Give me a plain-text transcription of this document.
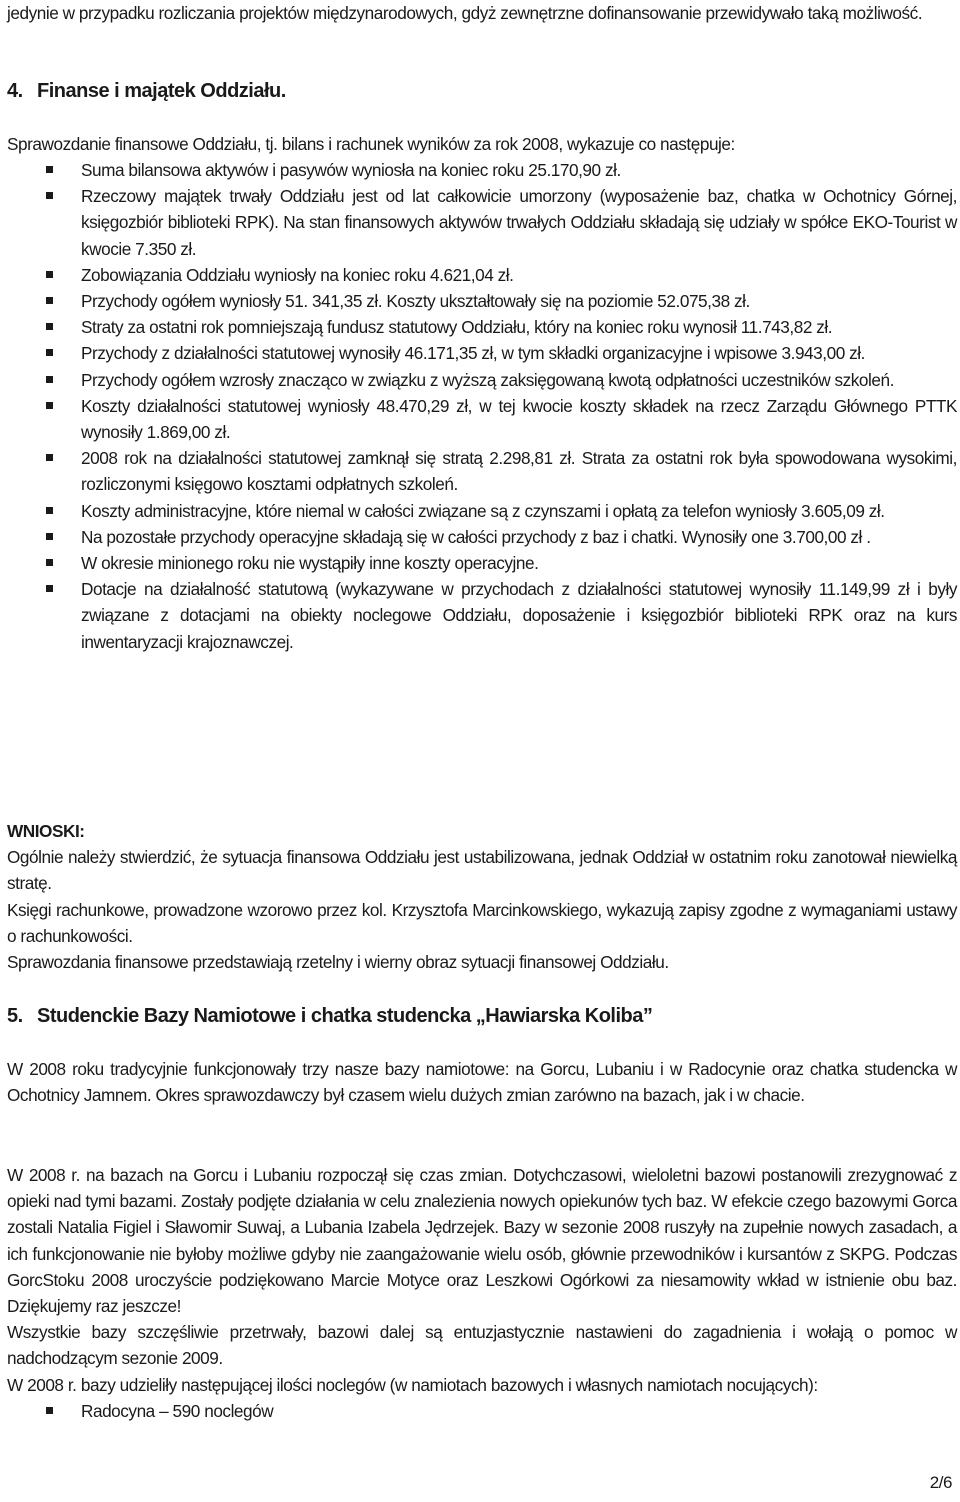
jedynie w przypadku rozliczania projektów międzynarodowych, gdyż zewnętrzne dofinansowanie przewidywało taką możliwość.

4. Finanse i majątek Oddziału.

Sprawozdanie finansowe Oddziału, tj. bilans i rachunek wyników za rok 2008, wykazuje co następuje:

Suma bilansowa aktywów i pasywów wyniosła na koniec roku 25.170,90 zł.
Rzeczowy majątek trwały Oddziału jest od lat całkowicie umorzony (wyposażenie baz, chatka w Ochotnicy Górnej, księgozbiór biblioteki RPK). Na stan finansowych aktywów trwałych Oddziału składają się udziały w spółce EKO-Tourist w kwocie 7.350 zł.
Zobowiązania Oddziału wyniosły na koniec roku 4.621,04 zł.
Przychody ogółem wyniosły 51. 341,35 zł. Koszty ukształtowały się na poziomie 52.075,38 zł.
Straty za ostatni rok pomniejszają fundusz statutowy Oddziału, który na koniec roku wynosił 11.743,82 zł.
Przychody z działalności statutowej wynosiły 46.171,35 zł, w tym składki organizacyjne i wpisowe 3.943,00 zł.
Przychody ogółem wzrosły znacząco w związku z wyższą zaksięgowaną kwotą odpłatności uczestników szkoleń.
Koszty działalności statutowej wyniosły 48.470,29 zł, w tej kwocie koszty składek na rzecz Zarządu Głównego PTTK wynosiły 1.869,00 zł.
2008 rok na działalności statutowej zamknął się stratą 2.298,81 zł. Strata za ostatni rok była spowodowana wysokimi, rozliczonymi księgowo kosztami odpłatnych szkoleń.
Koszty administracyjne, które niemal w całości związane są z czynszami i opłatą za telefon wyniosły 3.605,09 zł.
Na pozostałe przychody operacyjne składają się w całości przychody z baz i chatki. Wynosiły one 3.700,00 zł .
W okresie minionego roku nie wystąpiły inne koszty operacyjne.
Dotacje na działalność statutową (wykazywane w przychodach z działalności statutowej wynosiły 11.149,99 zł i były związane z dotacjami na obiekty noclegowe Oddziału, doposażenie i księgozbiór biblioteki RPK oraz na kurs inwentaryzacji krajoznawczej.

WNIOSKI:

Ogólnie należy stwierdzić, że sytuacja finansowa Oddziału jest ustabilizowana, jednak Oddział w ostatnim roku zanotował niewielką stratę.

Księgi rachunkowe, prowadzone wzorowo przez kol. Krzysztofa Marcinkowskiego, wykazują zapisy zgodne z wymaganiami ustawy o rachunkowości.

Sprawozdania finansowe przedstawiają rzetelny i wierny obraz sytuacji finansowej Oddziału.

5. Studenckie Bazy Namiotowe i chatka studencka „Hawiarska Koliba”

W 2008 roku tradycyjnie funkcjonowały trzy nasze bazy namiotowe: na Gorcu, Lubaniu i w Radocynie oraz chatka studencka w Ochotnicy Jamnem. Okres sprawozdawczy był czasem wielu dużych zmian zarówno na bazach, jak i w chacie.

W 2008 r. na bazach na Gorcu i Lubaniu rozpoczął się czas zmian. Dotychczasowi, wieloletni bazowi postanowili zrezygnować z opieki nad tymi bazami. Zostały podjęte działania w celu znalezienia nowych opiekunów tych baz. W efekcie czego bazowymi Gorca zostali Natalia Figiel i Sławomir Suwaj, a Lubania Izabela Jędrzejek. Bazy w sezonie 2008 ruszyły na zupełnie nowych zasadach, a ich funkcjonowanie nie byłoby możliwe gdyby nie zaangażowanie wielu osób, głównie przewodników i kursantów z SKPG. Podczas GorcStoku 2008 uroczyście podziękowano Marcie Motyce oraz Leszkowi Ogórkowi za niesamowity wkład w istnienie obu baz. Dziękujemy raz jeszcze!

Wszystkie bazy szczęśliwie przetrwały, bazowi dalej są entuzjastycznie nastawieni do zagadnienia i wołają o pomoc w nadchodzącym sezonie 2009.

W 2008 r. bazy udzieliły następującej ilości noclegów (w namiotach bazowych i własnych namiotach nocujących):

Radocyna – 590 noclegów
2/6
